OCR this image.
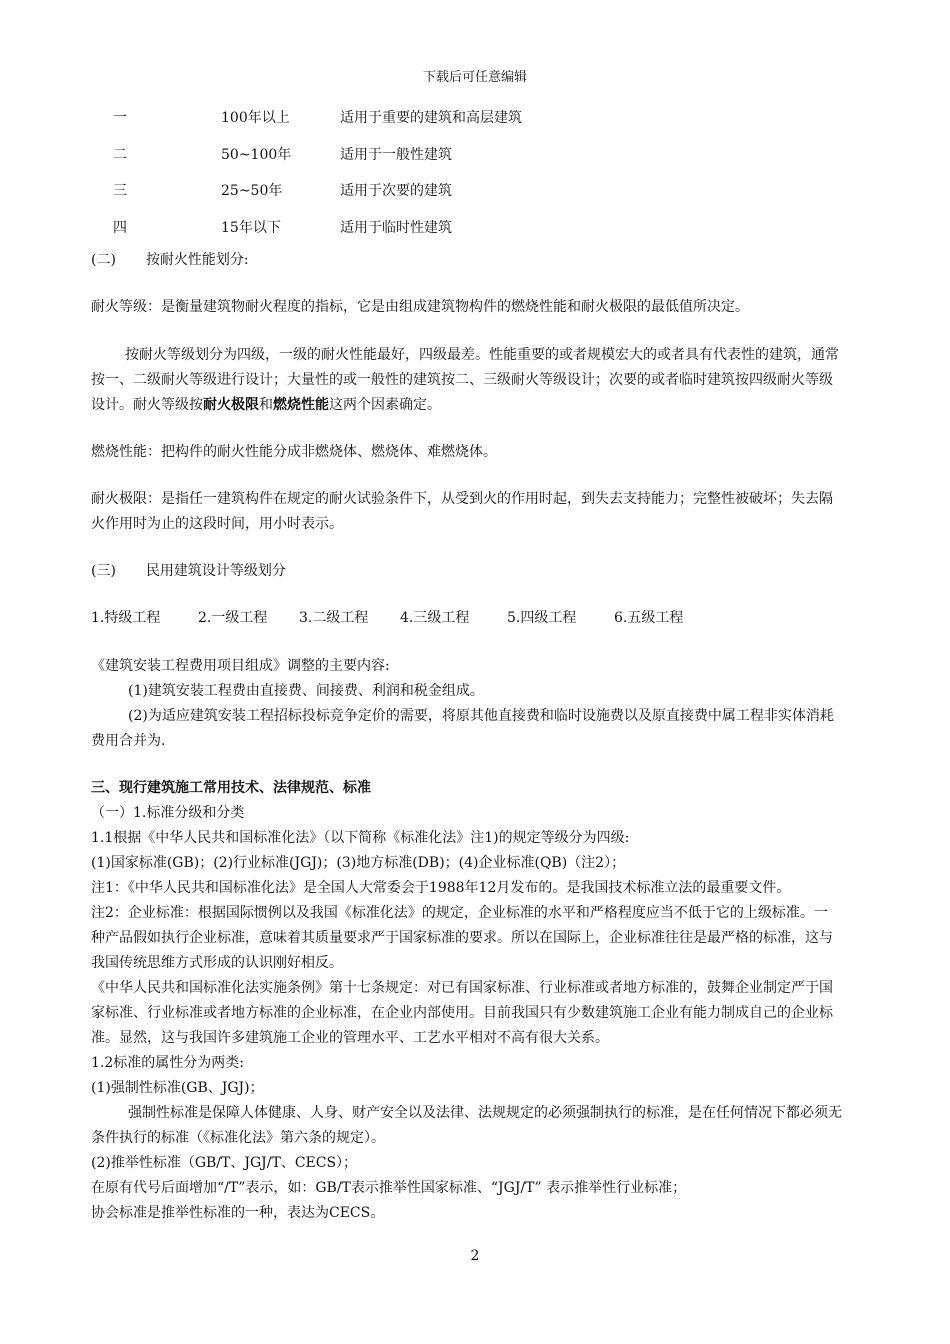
下载后可任意编辑
一	100年以上	适用于重要的建筑和高层建筑
二	50~100年	适用于一般性建筑
三	25~50年	适用于次要的建筑
四	15年以下	适用于临时性建筑
(二) 按耐火性能划分:
耐火等级：是衡量建筑物耐火程度的指标，它是由组成建筑物构件的燃烧性能和耐火极限的最低值所决定。
按耐火等级划分为四级，一级的耐火性能最好，四级最差。性能重要的或者规模宏大的或者具有代表性的建筑，通常
按一、二级耐火等级进行设计；大量性的或一般性的建筑按二、三级耐火等级设计；次要的或者临时建筑按四级耐火等级
设计。耐火等级按耐火极限和燃烧性能这两个因素确定。
燃烧性能：把构件的耐火性能分成非燃烧体、燃烧体、难燃烧体。
耐火极限：是指任一建筑构件在规定的耐火试验条件下，从受到火的作用时起，到失去支持能力；完整性被破坏；失去隔
火作用时为止的这段时间，用小时表示。
(三) 民用建筑设计等级划分
1.特级工程	2.一级工程 3.二级工程 4.三级工程	5.四级工程	6.五级工程
《建筑安装工程费用项目组成》调整的主要内容:
(1)建筑安装工程费由直接费、间接费、利润和税金组成。
(2)为适应建筑安装工程招标投标竞争定价的需要，将原其他直接费和临时设施费以及原直接费中属工程非实体消耗
费用合并为.
三、现行建筑施工常用技术、法律规范、标准
（一）1.标准分级和分类
1.1根据《中华人民共和国标准化法》（以下简称《标准化法》注1)的规定等级分为四级:
(1)国家标准(GB)；(2)行业标准(JGJ)；(3)地方标准(DB)；(4)企业标准(QB)（注2）；
注1：《中华人民共和国标准化法》是全国人大常委会于1988年12月发布的。是我国技术标准立法的最重要文件。
注2：企业标准：根据国际惯例以及我国《标准化法》的规定，企业标准的水平和严格程度应当不低于它的上级标准。一
种产品假如执行企业标准，意味着其质量要求严于国家标准的要求。所以在国际上，企业标准往往是最严格的标准，这与
我国传统思维方式形成的认识刚好相反。
《中华人民共和国标准化法实施条例》第十七条规定：对已有国家标准、行业标准或者地方标准的，鼓舞企业制定严于国
家标准、行业标准或者地方标准的企业标准，在企业内部使用。目前我国只有少数建筑施工企业有能力制成自己的企业标
准。显然，这与我国许多建筑施工企业的管理水平、工艺水平相对不高有很大关系。
1.2标准的属性分为两类:
(1)强制性标准(GB、JGJ)；
强制性标准是保障人体健康、人身、财产安全以及法律、法规规定的必须强制执行的标准，是在任何情况下都必须无
条件执行的标准（《标准化法》第六条的规定）。
(2)推举性标准（GB/T、JGJ/T、CECS）；
在原有代号后面增加“/T”表示，如：GB/T表示推举性国家标准、“JGJ/T” 表示推举性行业标准；
协会标准是推举性标准的一种，表达为CECS。
2
